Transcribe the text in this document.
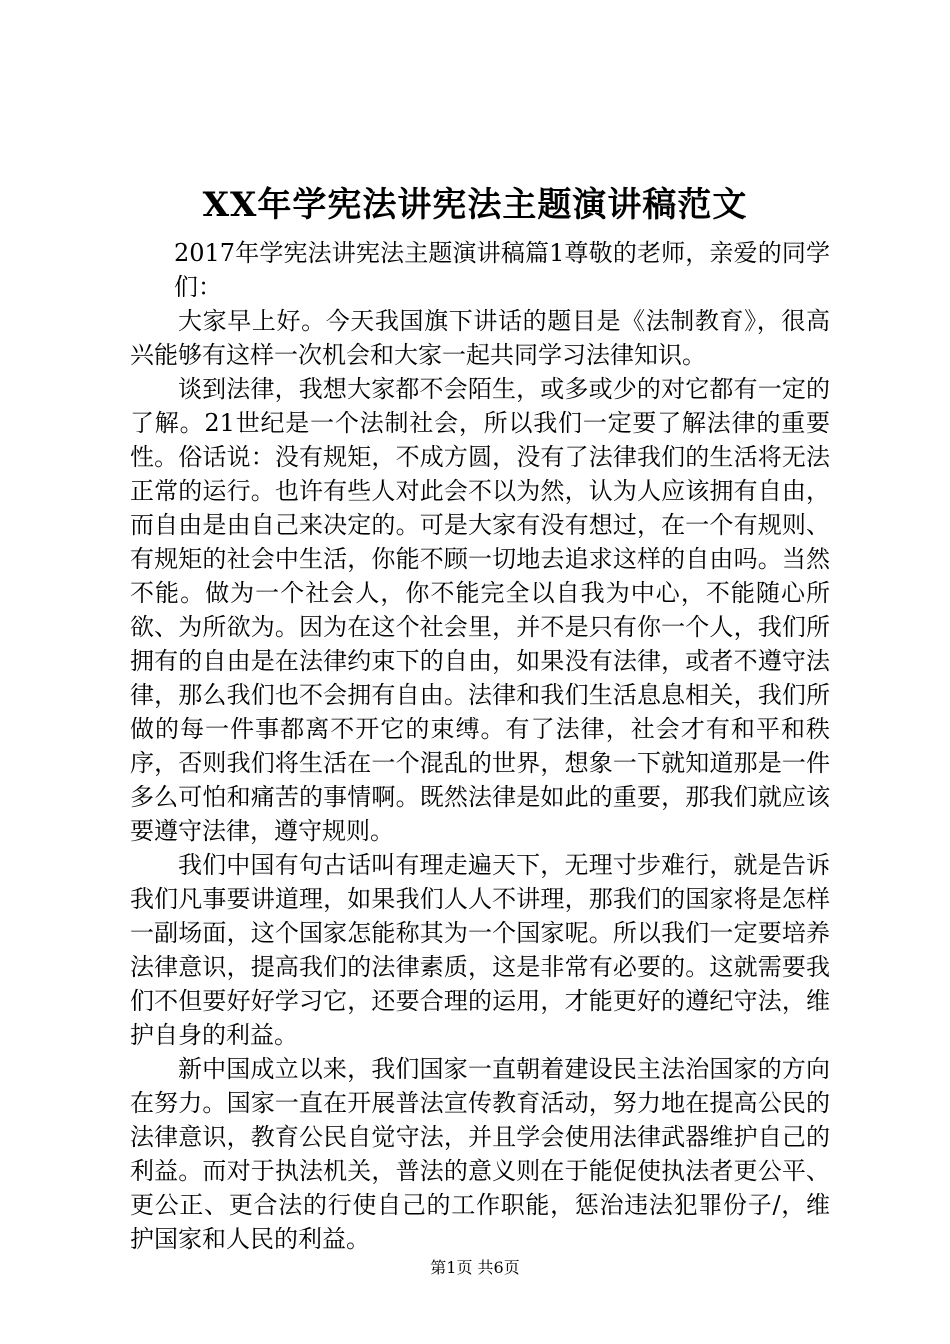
XX年学宪法讲宪法主题演讲稿范文

2017年学宪法讲宪法主题演讲稿篇1尊敬的老师，亲爱的同学们：

大家早上好。今天我国旗下讲话的题目是《法制教育》，很高兴能够有这样一次机会和大家一起共同学习法律知识。

谈到法律，我想大家都不会陌生，或多或少的对它都有一定的了解。21世纪是一个法制社会，所以我们一定要了解法律的重要性。俗话说：没有规矩，不成方圆，没有了法律我们的生活将无法正常的运行。也许有些人对此会不以为然，认为人应该拥有自由，而自由是由自己来决定的。可是大家有没有想过，在一个有规则、有规矩的社会中生活，你能不顾一切地去追求这样的自由吗。当然不能。做为一个社会人，你不能完全以自我为中心，不能随心所欲、为所欲为。因为在这个社会里，并不是只有你一个人，我们所拥有的自由是在法律约束下的自由，如果没有法律，或者不遵守法律，那么我们也不会拥有自由。法律和我们生活息息相关，我们所做的每一件事都离不开它的束缚。有了法律，社会才有和平和秩序，否则我们将生活在一个混乱的世界，想象一下就知道那是一件多么可怕和痛苦的事情啊。既然法律是如此的重要，那我们就应该要遵守法律，遵守规则。

我们中国有句古话叫有理走遍天下，无理寸步难行，就是告诉我们凡事要讲道理，如果我们人人不讲理，那我们的国家将是怎样一副场面，这个国家怎能称其为一个国家呢。所以我们一定要培养法律意识，提高我们的法律素质，这是非常有必要的。这就需要我们不但要好好学习它，还要合理的运用，才能更好的遵纪守法，维护自身的利益。

新中国成立以来，我们国家一直朝着建设民主法治国家的方向在努力。国家一直在开展普法宣传教育活动，努力地在提高公民的法律意识，教育公民自觉守法，并且学会使用法律武器维护自己的利益。而对于执法机关，普法的意义则在于能促使执法者更公平、更公正、更合法的行使自己的工作职能，惩治违法犯罪份子/，维护国家和人民的利益。

第1页 共6页
